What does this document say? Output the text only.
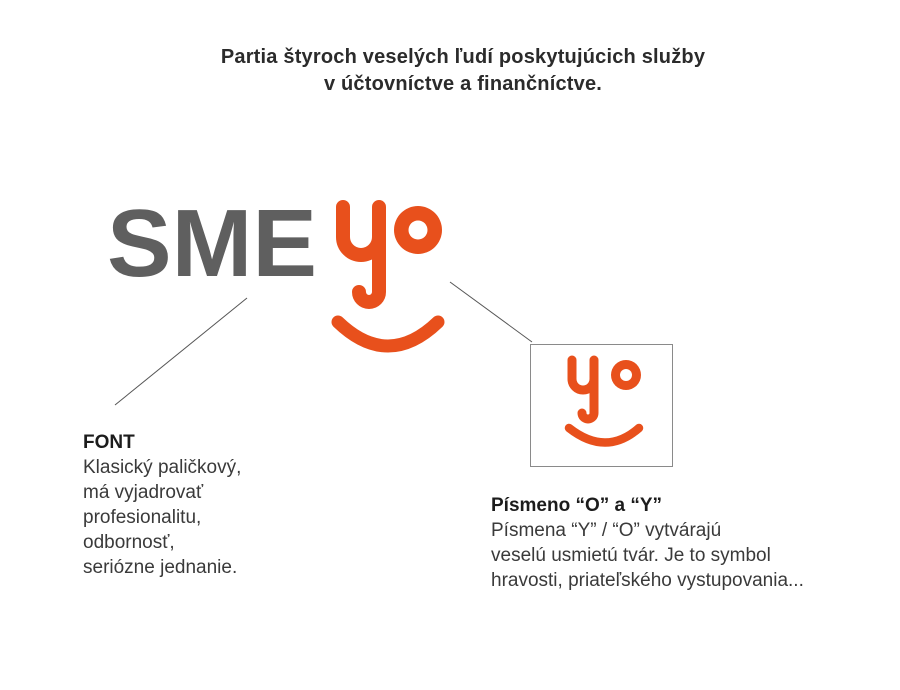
Partia štyroch veselých ľudí poskytujúcich služby
v účtovníctve a finančníctve.
SME
FONT
Klasický paličkový,
má vyjadrovať
profesionalitu,
odbornosť,
seriózne jednanie.
Písmeno “O” a “Y”
Písmena “Y” / “O” vytvárajú
veselú usmietú tvár. Je to symbol
hravosti, priateľského vystupovania...
